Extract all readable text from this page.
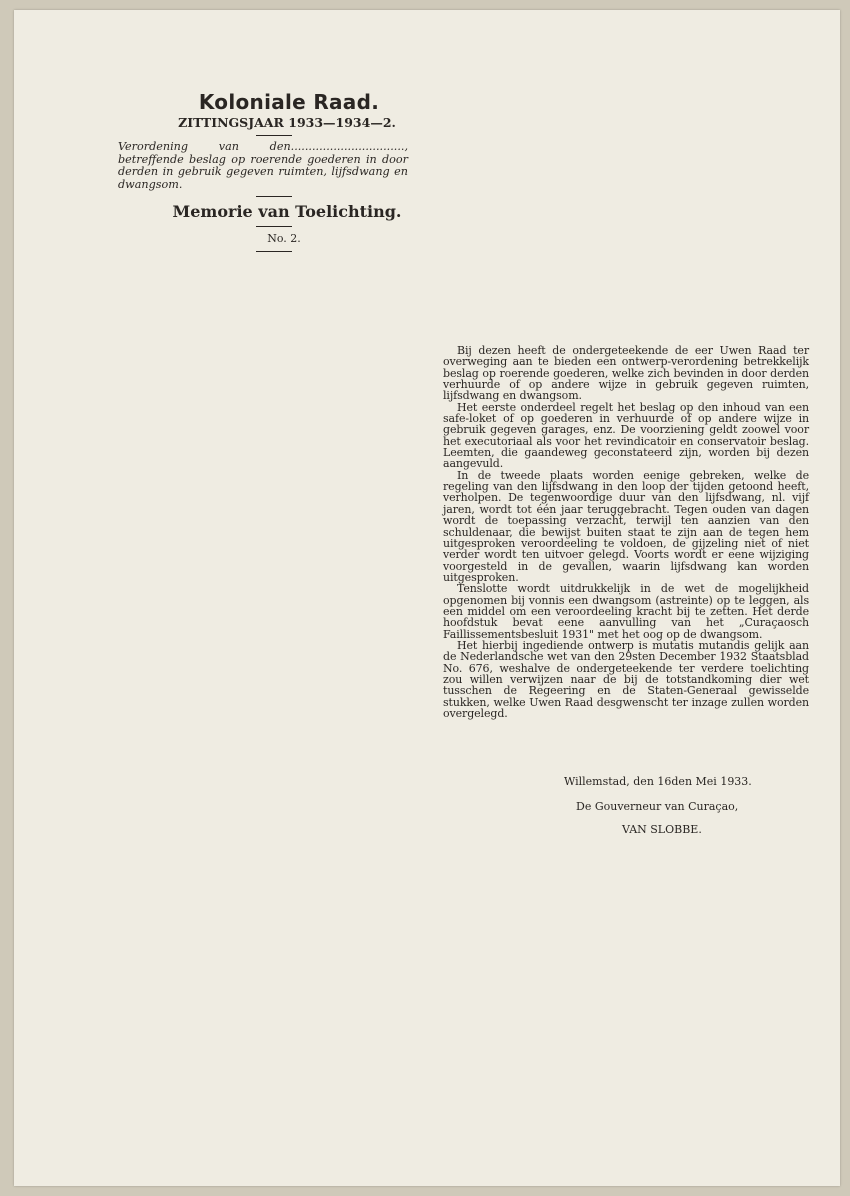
Koloniale Raad.
ZITTINGSJAAR 1933—1934—2.
Verordening van den................................, betreffende beslag op roerende goederen in door derden in gebruik gegeven ruimten, lijfsdwang en dwangsom.
Memorie van Toelichting.
No. 2.

Bij dezen heeft de ondergeteekende de eer Uwen Raad ter overweging aan te bieden een ontwerp-verordening betrekkelijk beslag op roerende goederen, welke zich bevinden in door derden verhuurde of op andere wijze in gebruik gegeven ruimten, lijfsdwang en dwangsom.

Het eerste onderdeel regelt het beslag op den inhoud van een safe-loket of op goederen in verhuurde of op andere wijze in gebruik gegeven garages, enz. De voorziening geldt zoowel voor het executoriaal als voor het revindicatoir en conservatoir beslag. Leemten, die gaandeweg geconstateerd zijn, worden bij dezen aangevuld.

In de tweede plaats worden eenige gebreken, welke de regeling van den lijfsdwang in den loop der tijden getoond heeft, verholpen. De tegenwoordige duur van den lijfsdwang, nl. vijf jaren, wordt tot één jaar teruggebracht. Tegen ouden van dagen wordt de toepassing verzacht, terwijl ten aanzien van den schuldenaar, die bewijst buiten staat te zijn aan de tegen hem uitgesproken veroordeeling te voldoen, de gijzeling niet of niet verder wordt ten uitvoer gelegd. Voorts wordt er eene wijziging voorgesteld in de gevallen, waarin lijfsdwang kan worden uitgesproken.

Tenslotte wordt uitdrukkelijk in de wet de mogelijkheid opgenomen bij vonnis een dwangsom (astreinte) op te leggen, als een middel om een veroordeeling kracht bij te zetten. Het derde hoofdstuk bevat eene aanvulling van het „Curaçaosch Faillissementsbesluit 1931" met het oog op de dwangsom.

Het hierbij ingediende ontwerp is mutatis mutandis gelijk aan de Nederlandsche wet van den 29sten December 1932 Staatsblad No. 676, weshalve de ondergeteekende ter verdere toelichting zou willen verwijzen naar de bij de totstandkoming dier wet tusschen de Regeering en de Staten-Generaal gewisselde stukken, welke Uwen Raad desgwenscht ter inzage zullen worden overgelegd.

Willemstad, den 16den Mei 1933.
De Gouverneur van Curaçao,
VAN SLOBBE.
